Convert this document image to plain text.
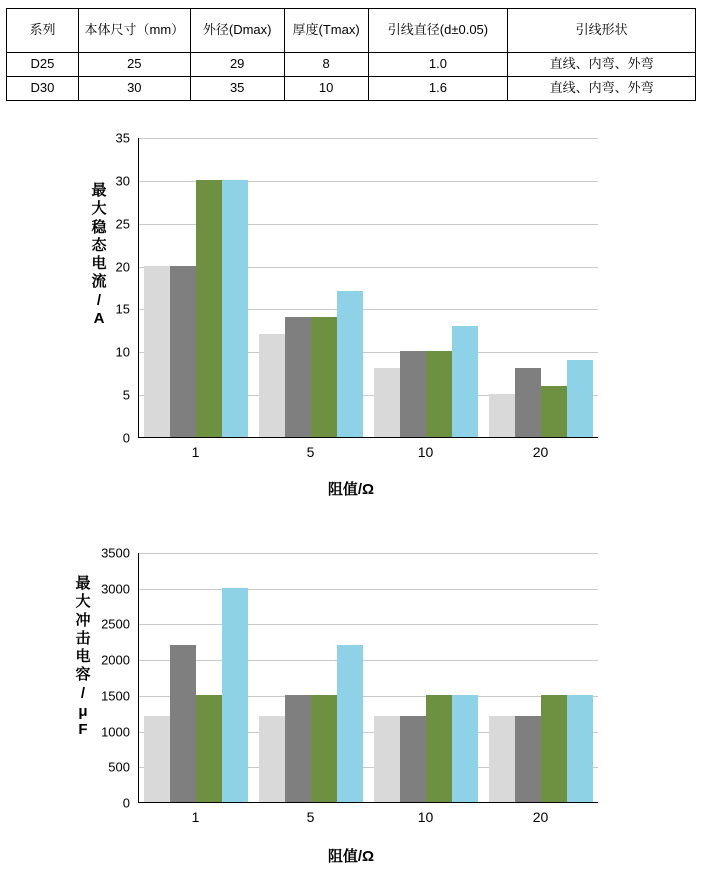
系列	本体尺寸（mm）	外径(Dmax)	厚度(Tmax)	引线直径(d±0.05)	引线形状
D25	25	29	8	1.0	直线、内弯、外弯
D30	30	35	10	1.6	直线、内弯、外弯
最
大
稳
态
电
流
/
A
0
5
10
15
20
25
30
35
1	5	10	20
阻值/Ω
最
大
冲
击
电
容
/
μ
F
0
500
1000
1500
2000
2500
3000
3500
1	5	10	20
阻值/Ω
